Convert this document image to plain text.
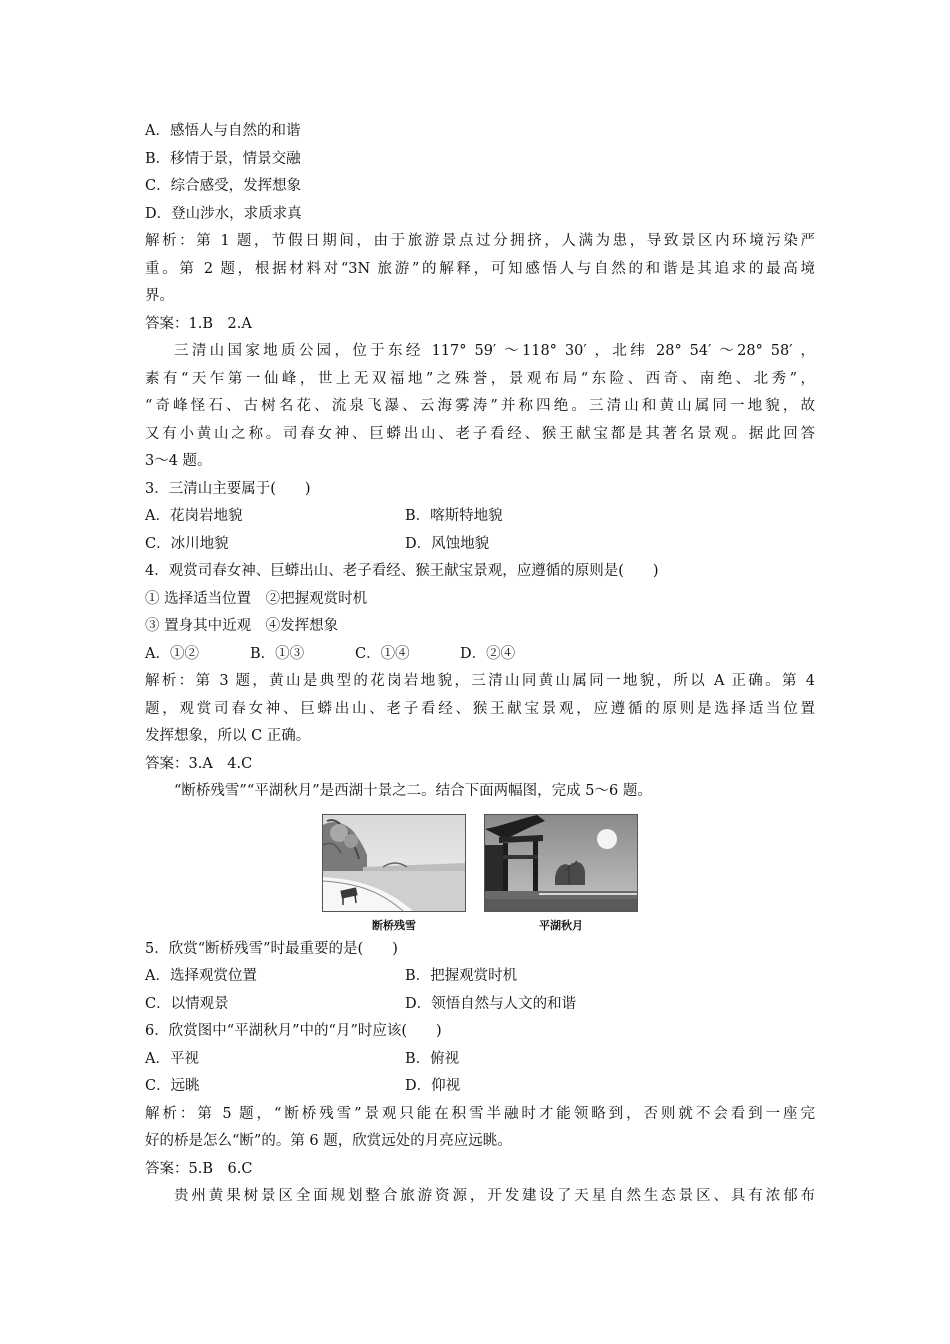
A．感悟人与自然的和谐
B．移情于景，情景交融
C．综合感受，发挥想象
D．登山涉水，求质求真
解析：第 1 题，节假日期间，由于旅游景点过分拥挤，人满为患，导致景区内环境污染严
重。第 2 题，根据材料对“3N 旅游”的解释，可知感悟人与自然的和谐是其追求的最高境
界。
答案：1.B　2.A
三清山国家地质公园，位于东经 117° 59′ ～118° 30′ ，北纬 28° 54′ ～28° 58′ ，
素有“天乍第一仙峰，世上无双福地”之殊誉，景观布局“东险、西奇、南绝、北秀”，
“奇峰怪石、古树名花、流泉飞瀑、云海雾涛”并称四绝。三清山和黄山属同一地貌，故
又有小黄山之称。司春女神、巨蟒出山、老子看经、猴王献宝都是其著名景观。据此回答
3～4 题。
3．三清山主要属于(　　)
A．花岗岩地貌	B．喀斯特地貌
C．冰川地貌	D．风蚀地貌
4．观赏司春女神、巨蟒出山、老子看经、猴王献宝景观，应遵循的原则是(　　)
① 选择适当位置　②把握观赏时机
③ 置身其中近观　④发挥想象
A．①②	B．①③	C．①④	D．②④
解析：第 3 题，黄山是典型的花岗岩地貌，三清山同黄山属同一地貌，所以 A 正确。第 4
题，观赏司春女神、巨蟒出山、老子看经、猴王献宝景观，应遵循的原则是选择适当位置
发挥想象，所以 C 正确。
答案：3.A　4.C
“断桥残雪”“平湖秋月”是西湖十景之二。结合下面两幅图，完成 5～6 题。
断桥残雪	平湖秋月
5．欣赏“断桥残雪”时最重要的是(　　)
A．选择观赏位置	B．把握观赏时机
C．以情观景	D．领悟自然与人文的和谐
6．欣赏图中“平湖秋月”中的“月”时应该(　　)
A．平视	B．俯视
C．远眺	D．仰视
解析：第 5 题，“断桥残雪”景观只能在积雪半融时才能领略到，否则就不会看到一座完
好的桥是怎么“断”的。第 6 题，欣赏远处的月亮应远眺。
答案：5.B　6.C
贵州黄果树景区全面规划整合旅游资源，开发建设了天星自然生态景区、具有浓郁布
